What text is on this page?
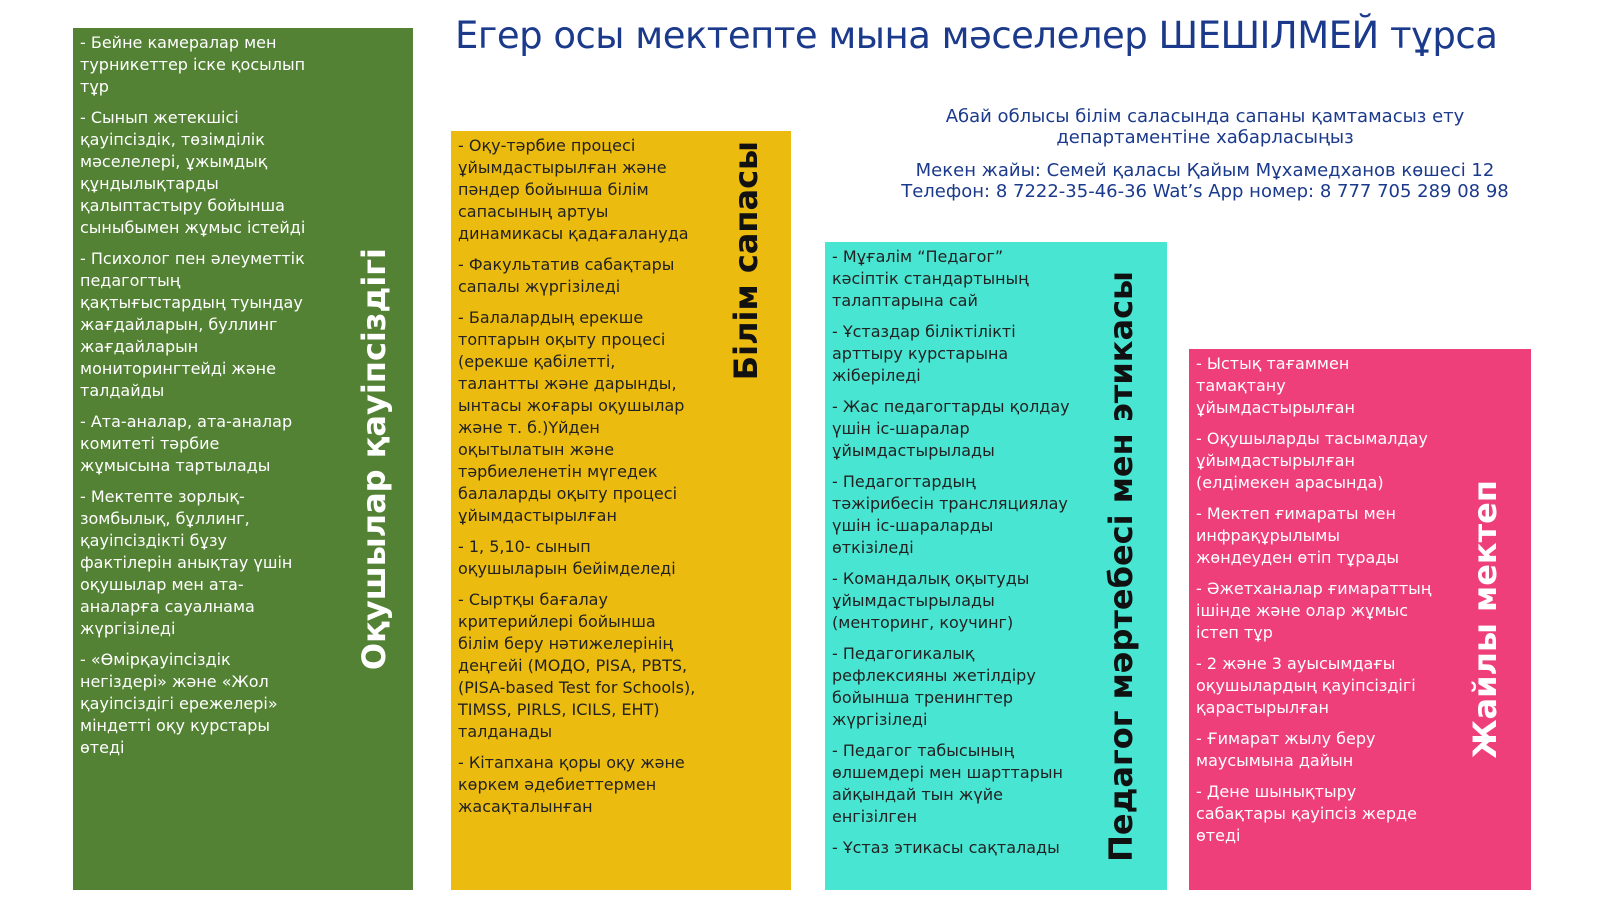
Егер осы мектепте мына мәселелер ШЕШІЛМЕЙ тұрса
Абай облысы білім саласында сапаны қамтамасыз ету
департаментіне хабарласыңыз
Мекен жайы: Семей қаласы Қайым Мұхамедханов көшесі 12
Телефон: 8 7222-35-46-36 Wat’s App номер: 8 777 705 289 08 98

- Бейне камералар мен турникеттер іске қосылып тұр

- Сынып жетекшісі қауіпсіздік, төзімділік мәселелері, ұжымдық құндылықтарды қалыптастыру бойынша сыныбымен жұмыс істейді

- Психолог пен әлеуметтік педагогтың қақтығыстардың туындау жағдайларын, буллинг жағдайларын мониторингтейді және талдайды

- Ата-аналар, ата-аналар комитеті тәрбие жұмысына тартылады

- Мектепте зорлық-зомбылық, бұллинг, қауіпсіздікті бұзу фактілерін анықтау үшін оқушылар мен ата-аналарға сауалнама жүргізіледі

- «Өмірқауіпсіздік негіздері» және «Жол қауіпсіздігі ережелері» міндетті оқу курстары өтеді

Оқушылар қауіпсіздігі

- Оқу-тәрбие процесі ұйымдастырылған және пәндер бойынша білім сапасының артуы динамикасы қадағалануда

- Факультатив сабақтары сапалы жүргізіледі

- Балалардың ерекше топтарын оқыту процесі (ерекше қабілетті, талантты және дарынды, ынтасы жоғары оқушылар және т. б.)Үйден оқытылатын және тәрбиеленетін мүгедек балаларды оқыту процесі ұйымдастырылған

- 1, 5,10- сынып оқушыларын бейімделеді

- Сыртқы бағалау критерийлері бойынша білім беру нәтижелерінің деңгейі (МОДО, PISA, PBTS, (PISA-based Test for Schools), TIMSS, PIRLS, ICILS, ЕНТ) талданады

- Кітапхана қоры оқу және көркем әдебиеттермен жасақталынған

Білім сапасы	- Мұғалім “Педагог” кәсіптік стандартының талаптарына сай

- Ұстаздар біліктілікті арттыру курстарына жіберіледі

- Жас педагогтарды қолдау үшін іс-шаралар ұйымдастырылады

- Педагогтардың тәжірибесін трансляциялау үшін іс-шараларды өткізіледі

- Командалық оқытуды ұйымдастырылады (менторинг, коучинг)

- Педагогикалық рефлексияны жетілдіру бойынша тренингтер жүргізіледі

- Педагог табысының өлшемдері мен шарттарын айқындай тын жүйе енгізілген

- Ұстаз этикасы сақталады	Педагог мәртебесі мен этикасы	- Ыстық тағаммен тамақтану ұйымдастырылған

- Оқушыларды тасымалдау ұйымдастырылған (елдімекен арасында)

- Мектеп ғимараты мен инфрақұрылымы жөндеуден өтіп тұрады

- Әжетханалар ғимараттың ішінде және олар жұмыс істеп тұр

- 2 және 3 ауысымдағы оқушылардың қауіпсіздігі қарастырылған

- Ғимарат жылу беру маусымына дайын

- Дене шынықтыру сабақтары қауіпсіз жерде өтеді

Жайлы мектеп
